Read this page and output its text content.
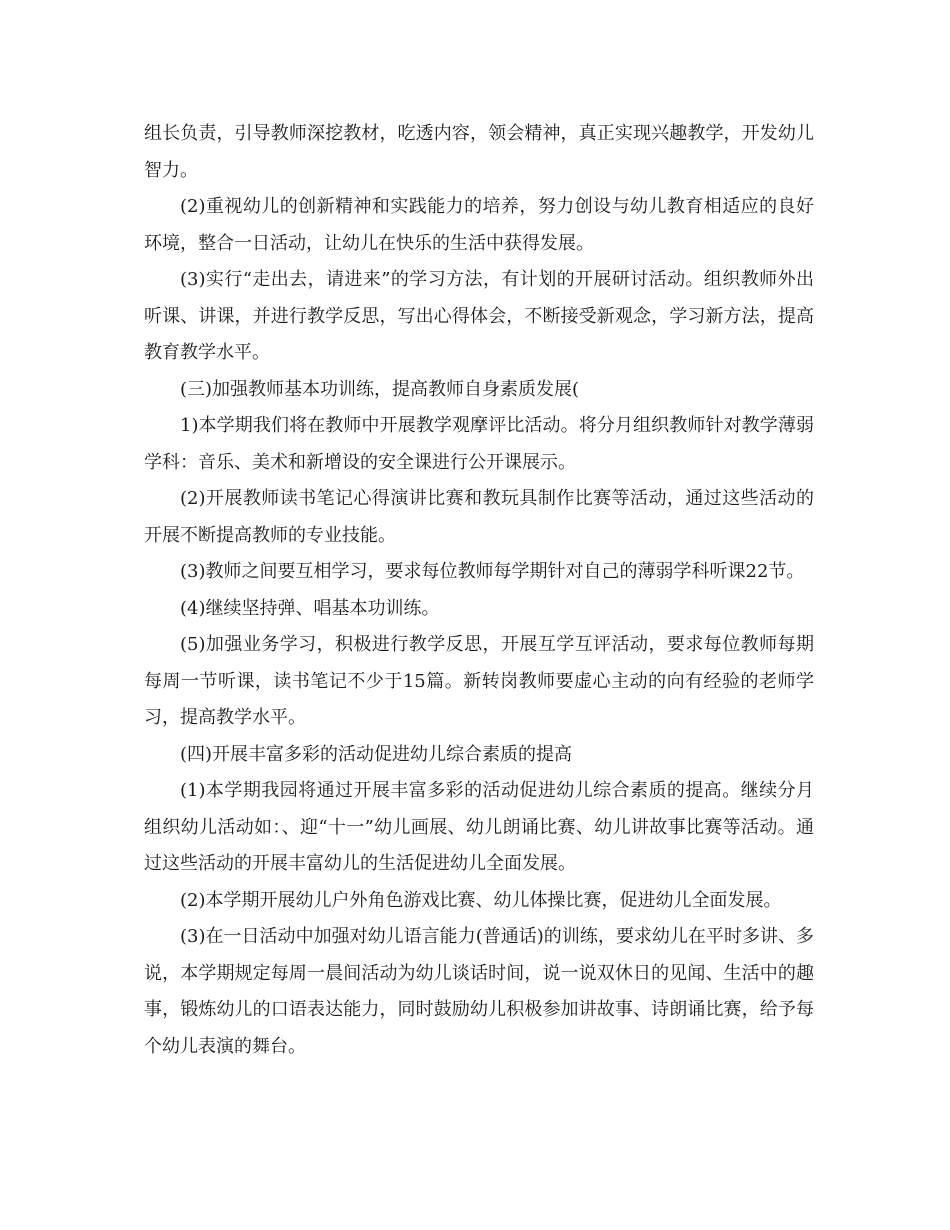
组长负责，引导教师深挖教材，吃透内容，领会精神，真正实现兴趣教学，开发幼儿智力。

(2)重视幼儿的创新精神和实践能力的培养，努力创设与幼儿教育相适应的良好环境，整合一日活动，让幼儿在快乐的生活中获得发展。

(3)实行“走出去，请进来”的学习方法，有计划的开展研讨活动。组织教师外出听课、讲课，并进行教学反思，写出心得体会，不断接受新观念，学习新方法，提高教育教学水平。

(三)加强教师基本功训练，提高教师自身素质发展(

1)本学期我们将在教师中开展教学观摩评比活动。将分月组织教师针对教学薄弱学科：音乐、美术和新增设的安全课进行公开课展示。

(2)开展教师读书笔记心得演讲比赛和教玩具制作比赛等活动，通过这些活动的开展不断提高教师的专业技能。

(3)教师之间要互相学习，要求每位教师每学期针对自己的薄弱学科听课22节。

(4)继续坚持弹、唱基本功训练。

(5)加强业务学习，积极进行教学反思，开展互学互评活动，要求每位教师每期每周一节听课，读书笔记不少于15篇。新转岗教师要虚心主动的向有经验的老师学习，提高教学水平。

(四)开展丰富多彩的活动促进幼儿综合素质的提高

(1)本学期我园将通过开展丰富多彩的活动促进幼儿综合素质的提高。继续分月组织幼儿活动如：、迎“十一”幼儿画展、幼儿朗诵比赛、幼儿讲故事比赛等活动。通过这些活动的开展丰富幼儿的生活促进幼儿全面发展。

(2)本学期开展幼儿户外角色游戏比赛、幼儿体操比赛，促进幼儿全面发展。

(3)在一日活动中加强对幼儿语言能力(普通话)的训练，要求幼儿在平时多讲、多说，本学期规定每周一晨间活动为幼儿谈话时间，说一说双休日的见闻、生活中的趣事，锻炼幼儿的口语表达能力，同时鼓励幼儿积极参加讲故事、诗朗诵比赛，给予每个幼儿表演的舞台。
